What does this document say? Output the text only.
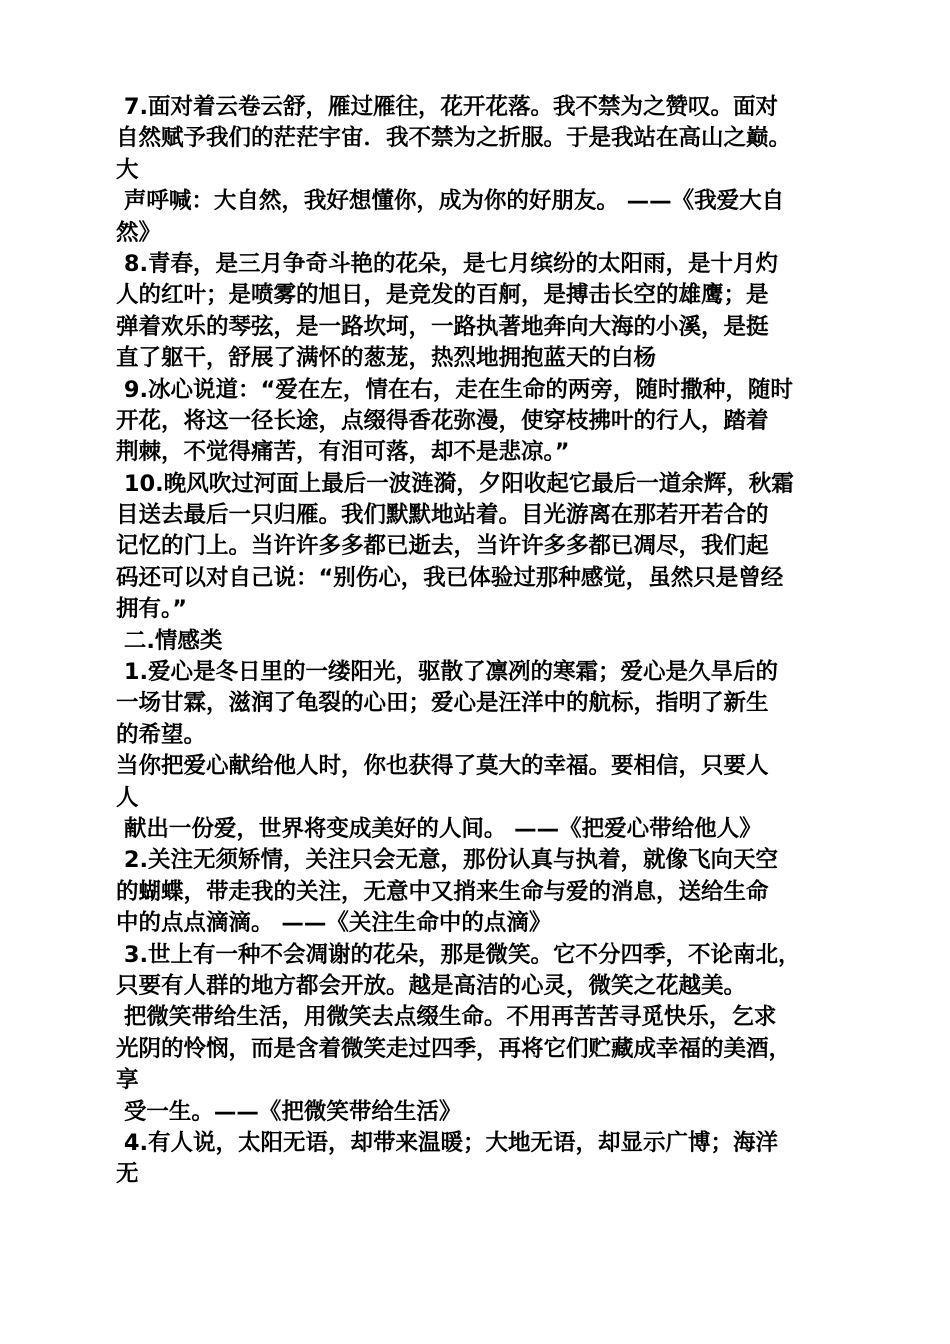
7.面对着云卷云舒，雁过雁往，花开花落。我不禁为之赞叹。面对
自然赋予我们的茫茫宇宙．我不禁为之折服。于是我站在高山之巅。
大
声呼喊：大自然，我好想懂你，成为你的好朋友。 ——《我爱大自
然》
8.青春，是三月争奇斗艳的花朵，是七月缤纷的太阳雨，是十月灼
人的红叶；是喷雾的旭日，是竞发的百舸，是搏击长空的雄鹰；是
弹着欢乐的琴弦，是一路坎坷，一路执著地奔向大海的小溪，是挺
直了躯干，舒展了满怀的葱茏，热烈地拥抱蓝天的白杨
9.冰心说道：“爱在左，情在右，走在生命的两旁，随时撒种，随时
开花，将这一径长途，点缀得香花弥漫，使穿枝拂叶的行人，踏着
荆棘，不觉得痛苦，有泪可落，却不是悲凉。”
10.晚风吹过河面上最后一波涟漪，夕阳收起它最后一道余辉，秋霜
目送去最后一只归雁。我们默默地站着。目光游离在那若开若合的
记忆的门上。当许许多多都已逝去，当许许多多都已凋尽，我们起
码还可以对自己说：“别伤心，我已体验过那种感觉，虽然只是曾经
拥有。”
二.情感类
1.爱心是冬日里的一缕阳光，驱散了凛冽的寒霜；爱心是久旱后的
一场甘霖，滋润了龟裂的心田；爱心是汪洋中的航标，指明了新生
的希望。
当你把爱心献给他人时，你也获得了莫大的幸福。要相信，只要人
人
献出一份爱，世界将变成美好的人间。 ——《把爱心带给他人》
2.关注无须矫情，关注只会无意，那份认真与执着，就像飞向天空
的蝴蝶，带走我的关注，无意中又捎来生命与爱的消息，送给生命
中的点点滴滴。 ——《关注生命中的点滴》
3.世上有一种不会凋谢的花朵，那是微笑。它不分四季，不论南北，
只要有人群的地方都会开放。越是高洁的心灵，微笑之花越美。
把微笑带给生活，用微笑去点缀生命。不用再苦苦寻觅快乐，乞求
光阴的怜悯，而是含着微笑走过四季，再将它们贮藏成幸福的美酒，
享
受一生。——《把微笑带给生活》
4.有人说，太阳无语，却带来温暖；大地无语，却显示广博；海洋
无
